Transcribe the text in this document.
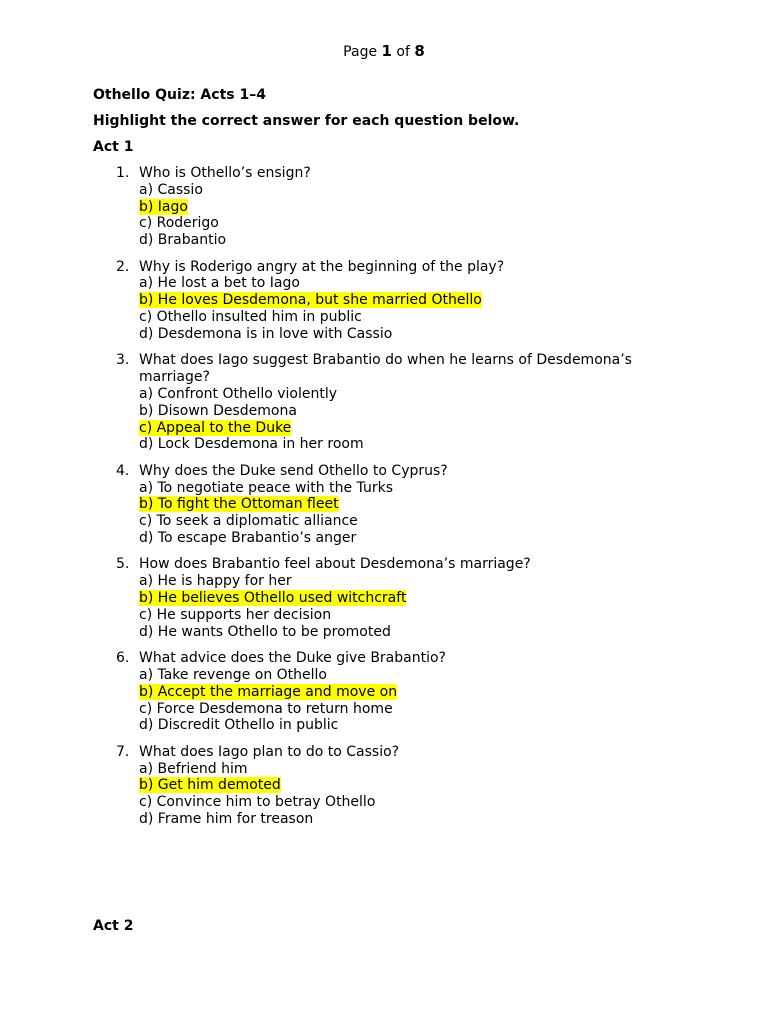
Page 1 of 8
Othello Quiz: Acts 1–4
Highlight the correct answer for each question below.
Act 1
1. Who is Othello’s ensign?
a) Cassio
b) Iago
c) Roderigo
d) Brabantio
2. Why is Roderigo angry at the beginning of the play?
a) He lost a bet to Iago
b) He loves Desdemona, but she married Othello
c) Othello insulted him in public
d) Desdemona is in love with Cassio
3. What does Iago suggest Brabantio do when he learns of Desdemona’s marriage?
a) Confront Othello violently
b) Disown Desdemona
c) Appeal to the Duke
d) Lock Desdemona in her room
4. Why does the Duke send Othello to Cyprus?
a) To negotiate peace with the Turks
b) To fight the Ottoman fleet
c) To seek a diplomatic alliance
d) To escape Brabantio’s anger
5. How does Brabantio feel about Desdemona’s marriage?
a) He is happy for her
b) He believes Othello used witchcraft
c) He supports her decision
d) He wants Othello to be promoted
6. What advice does the Duke give Brabantio?
a) Take revenge on Othello
b) Accept the marriage and move on
c) Force Desdemona to return home
d) Discredit Othello in public
7. What does Iago plan to do to Cassio?
a) Befriend him
b) Get him demoted
c) Convince him to betray Othello
d) Frame him for treason
Act 2
